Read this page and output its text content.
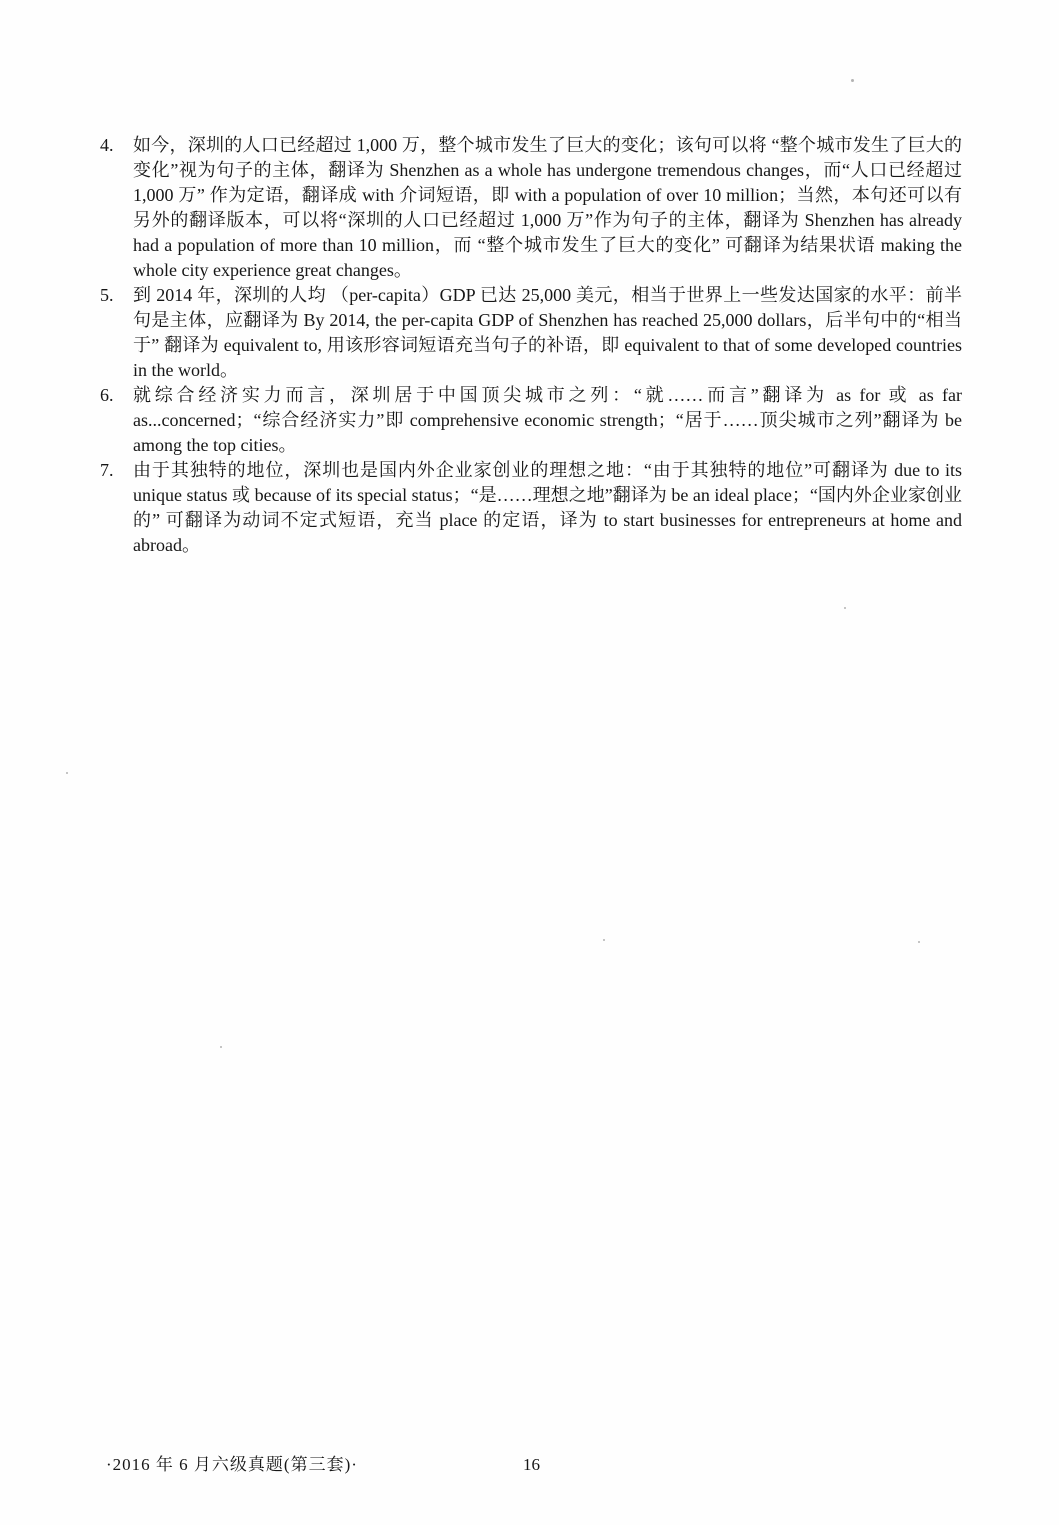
4.	如今，深圳的人口已经超过 1,000 万，整个城市发生了巨大的变化；该句可以将 “整个城市发生了巨大的变化”视为句子的主体，翻译为 Shenzhen as a whole has undergone tremendous changes，而“人口已经超过 1,000 万” 作为定语，翻译成 with 介词短语，即 with a population of over 10 million；当然，本句还可以有另外的翻译版本，可以将“深圳的人口已经超过 1,000 万”作为句子的主体，翻译为 Shenzhen has already had a population of more than 10 million，而 “整个城市发生了巨大的变化” 可翻译为结果状语 making the whole city experience great changes。
5.	到 2014 年，深圳的人均 （per-capita）GDP 已达 25,000 美元，相当于世界上一些发达国家的水平：前半句是主体，应翻译为 By 2014, the per-capita GDP of Shenzhen has reached 25,000 dollars，后半句中的“相当于” 翻译为 equivalent to, 用该形容词短语充当句子的补语，即 equivalent to that of some developed countries in the world。
6.	就综合经济实力而言，深圳居于中国顶尖城市之列：“就……而言”翻译为 as for 或 as far as...concerned；“综合经济实力”即 comprehensive economic strength；“居于……顶尖城市之列”翻译为 be among the top cities。
7.	由于其独特的地位，深圳也是国内外企业家创业的理想之地：“由于其独特的地位”可翻译为 due to its unique status 或 because of its special status；“是……理想之地”翻译为 be an ideal place；“国内外企业家创业的” 可翻译为动词不定式短语，充当 place 的定语，译为 to start businesses for entrepreneurs at home and abroad。
·2016 年 6 月六级真题(第三套)·	16
